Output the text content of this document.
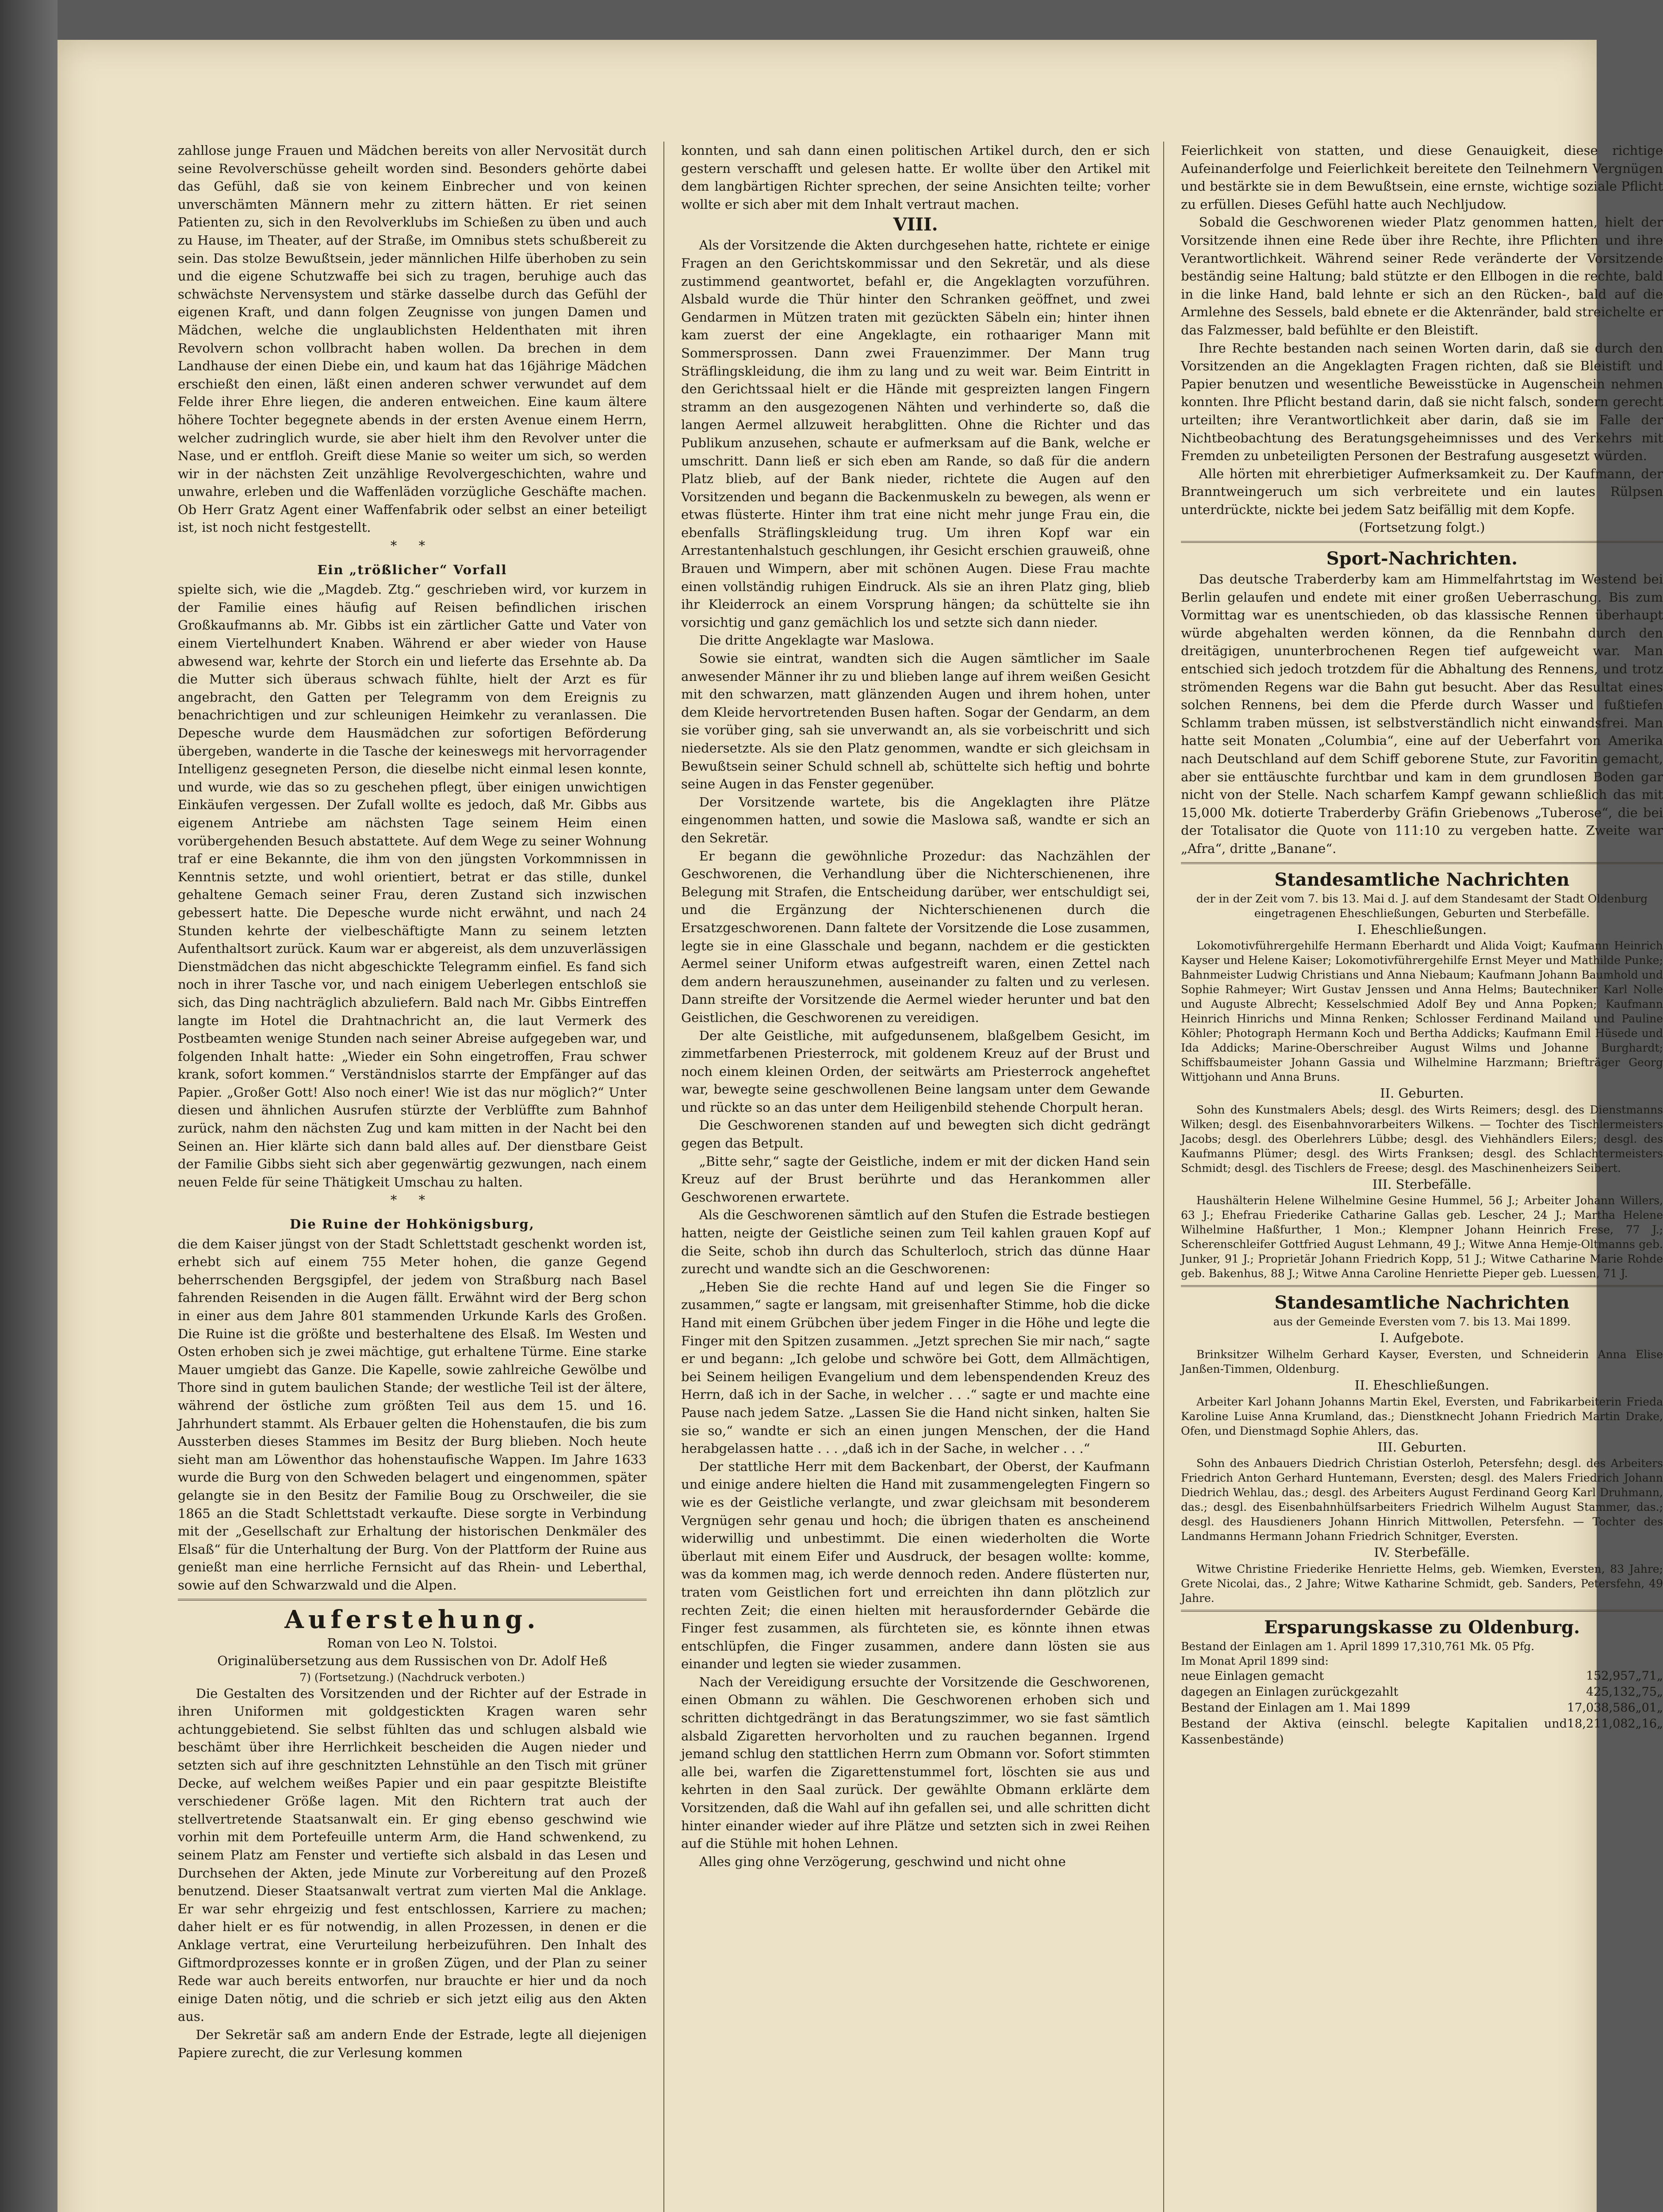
zahllose junge Frauen und Mädchen bereits von aller Nervosität durch seine Revolverschüsse geheilt worden sind. Besonders gehörte dabei das Gefühl, daß sie von keinem Einbrecher und von keinen unverschämten Männern mehr zu zittern hätten. Er riet seinen Patienten zu, sich in den Revolverklubs im Schießen zu üben und auch zu Hause, im Theater, auf der Straße, im Omnibus stets schußbereit zu sein. Das stolze Bewußtsein, jeder männlichen Hilfe überhoben zu sein und die eigene Schutzwaffe bei sich zu tragen, beruhige auch das schwächste Nervensystem und stärke dasselbe durch das Gefühl der eigenen Kraft, und dann folgen Zeugnisse von jungen Damen und Mädchen, welche die unglaublichsten Heldenthaten mit ihren Revolvern schon vollbracht haben wollen. Da brechen in dem Landhause der einen Diebe ein, und kaum hat das 16jährige Mädchen erschießt den einen, läßt einen anderen schwer verwundet auf dem Felde ihrer Ehre liegen, die anderen entweichen. Eine kaum ältere höhere Tochter begegnete abends in der ersten Avenue einem Herrn, welcher zudringlich wurde, sie aber hielt ihm den Revolver unter die Nase, und er entfloh. Greift diese Manie so weiter um sich, so werden wir in der nächsten Zeit unzählige Revolvergeschichten, wahre und unwahre, erleben und die Waffenläden vorzügliche Geschäfte machen. Ob Herr Gratz Agent einer Waffenfabrik oder selbst an einer beteiligt ist, ist noch nicht festgestellt.

* *

Ein „trößlicher“ Vorfall

spielte sich, wie die „Magdeb. Ztg.“ geschrieben wird, vor kurzem in der Familie eines häufig auf Reisen befindlichen irischen Großkaufmanns ab. Mr. Gibbs ist ein zärtlicher Gatte und Vater von einem Viertelhundert Knaben. Während er aber wieder von Hause abwesend war, kehrte der Storch ein und lieferte das Ersehnte ab. Da die Mutter sich überaus schwach fühlte, hielt der Arzt es für angebracht, den Gatten per Telegramm von dem Ereignis zu benachrichtigen und zur schleunigen Heimkehr zu veranlassen. Die Depesche wurde dem Hausmädchen zur sofortigen Beförderung übergeben, wanderte in die Tasche der keineswegs mit hervorragender Intelligenz gesegneten Person, die dieselbe nicht einmal lesen konnte, und wurde, wie das so zu geschehen pflegt, über einigen unwichtigen Einkäufen vergessen. Der Zufall wollte es jedoch, daß Mr. Gibbs aus eigenem Antriebe am nächsten Tage seinem Heim einen vorübergehenden Besuch abstattete. Auf dem Wege zu seiner Wohnung traf er eine Bekannte, die ihm von den jüngsten Vorkommnissen in Kenntnis setzte, und wohl orientiert, betrat er das stille, dunkel gehaltene Gemach seiner Frau, deren Zustand sich inzwischen gebessert hatte. Die Depesche wurde nicht erwähnt, und nach 24 Stunden kehrte der vielbeschäftigte Mann zu seinem letzten Aufenthaltsort zurück. Kaum war er abgereist, als dem unzuverlässigen Dienstmädchen das nicht abgeschickte Telegramm einfiel. Es fand sich noch in ihrer Tasche vor, und nach einigem Ueberlegen entschloß sie sich, das Ding nachträglich abzuliefern. Bald nach Mr. Gibbs Eintreffen langte im Hotel die Drahtnachricht an, die laut Vermerk des Postbeamten wenige Stunden nach seiner Abreise aufgegeben war, und folgenden Inhalt hatte: „Wieder ein Sohn eingetroffen, Frau schwer krank, sofort kommen.“ Verständnislos starrte der Empfänger auf das Papier. „Großer Gott! Also noch einer! Wie ist das nur möglich?“ Unter diesen und ähnlichen Ausrufen stürzte der Verblüffte zum Bahnhof zurück, nahm den nächsten Zug und kam mitten in der Nacht bei den Seinen an. Hier klärte sich dann bald alles auf. Der dienstbare Geist der Familie Gibbs sieht sich aber gegenwärtig gezwungen, nach einem neuen Felde für seine Thätigkeit Umschau zu halten.

* *

Die Ruine der Hohkönigsburg,

die dem Kaiser jüngst von der Stadt Schlettstadt geschenkt worden ist, erhebt sich auf einem 755 Meter hohen, die ganze Gegend beherrschenden Bergsgipfel, der jedem von Straßburg nach Basel fahrenden Reisenden in die Augen fällt. Erwähnt wird der Berg schon in einer aus dem Jahre 801 stammenden Urkunde Karls des Großen. Die Ruine ist die größte und besterhaltene des Elsaß. Im Westen und Osten erhoben sich je zwei mächtige, gut erhaltene Türme. Eine starke Mauer umgiebt das Ganze. Die Kapelle, sowie zahlreiche Gewölbe und Thore sind in gutem baulichen Stande; der westliche Teil ist der ältere, während der östliche zum größten Teil aus dem 15. und 16. Jahrhundert stammt. Als Erbauer gelten die Hohenstaufen, die bis zum Aussterben dieses Stammes im Besitz der Burg blieben. Noch heute sieht man am Löwenthor das hohenstaufische Wappen. Im Jahre 1633 wurde die Burg von den Schweden belagert und eingenommen, später gelangte sie in den Besitz der Familie Boug zu Orschweiler, die sie 1865 an die Stadt Schlettstadt verkaufte. Diese sorgte in Verbindung mit der „Gesellschaft zur Erhaltung der historischen Denkmäler des Elsaß“ für die Unterhaltung der Burg. Von der Plattform der Ruine aus genießt man eine herrliche Fernsicht auf das Rhein- und Leberthal, sowie auf den Schwarzwald und die Alpen.

Auferstehung.
Roman von Leo N. Tolstoi.
Originalübersetzung aus dem Russischen von Dr. Adolf Heß
7) (Fortsetzung.) (Nachdruck verboten.)

Die Gestalten des Vorsitzenden und der Richter auf der Estrade in ihren Uniformen mit goldgestickten Kragen waren sehr achtunggebietend. Sie selbst fühlten das und schlugen alsbald wie beschämt über ihre Herrlichkeit bescheiden die Augen nieder und setzten sich auf ihre geschnitzten Lehnstühle an den Tisch mit grüner Decke, auf welchem weißes Papier und ein paar gespitzte Bleistifte verschiedener Größe lagen. Mit den Richtern trat auch der stellvertretende Staatsanwalt ein. Er ging ebenso geschwind wie vorhin mit dem Portefeuille unterm Arm, die Hand schwenkend, zu seinem Platz am Fenster und vertiefte sich alsbald in das Lesen und Durchsehen der Akten, jede Minute zur Vorbereitung auf den Prozeß benutzend. Dieser Staatsanwalt vertrat zum vierten Mal die Anklage. Er war sehr ehrgeizig und fest entschlossen, Karriere zu machen; daher hielt er es für notwendig, in allen Prozessen, in denen er die Anklage vertrat, eine Verurteilung herbeizuführen. Den Inhalt des Giftmordprozesses konnte er in großen Zügen, und der Plan zu seiner Rede war auch bereits entworfen, nur brauchte er hier und da noch einige Daten nötig, und die schrieb er sich jetzt eilig aus den Akten aus.

Der Sekretär saß am andern Ende der Estrade, legte all diejenigen Papiere zurecht, die zur Verlesung kommen

konnten, und sah dann einen politischen Artikel durch, den er sich gestern verschafft und gelesen hatte. Er wollte über den Artikel mit dem langbärtigen Richter sprechen, der seine Ansichten teilte; vorher wollte er sich aber mit dem Inhalt vertraut machen.

VIII.

Als der Vorsitzende die Akten durchgesehen hatte, richtete er einige Fragen an den Gerichtskommissar und den Sekretär, und als diese zustimmend geantwortet, befahl er, die Angeklagten vorzuführen. Alsbald wurde die Thür hinter den Schranken geöffnet, und zwei Gendarmen in Mützen traten mit gezückten Säbeln ein; hinter ihnen kam zuerst der eine Angeklagte, ein rothaariger Mann mit Sommersprossen. Dann zwei Frauenzimmer. Der Mann trug Sträflingskleidung, die ihm zu lang und zu weit war. Beim Eintritt in den Gerichtssaal hielt er die Hände mit gespreizten langen Fingern stramm an den ausgezogenen Nähten und verhinderte so, daß die langen Aermel allzuweit herabglitten. Ohne die Richter und das Publikum anzusehen, schaute er aufmerksam auf die Bank, welche er umschritt. Dann ließ er sich eben am Rande, so daß für die andern Platz blieb, auf der Bank nieder, richtete die Augen auf den Vorsitzenden und begann die Backenmuskeln zu bewegen, als wenn er etwas flüsterte. Hinter ihm trat eine nicht mehr junge Frau ein, die ebenfalls Sträflingskleidung trug. Um ihren Kopf war ein Arrestantenhalstuch geschlungen, ihr Gesicht erschien grauweiß, ohne Brauen und Wimpern, aber mit schönen Augen. Diese Frau machte einen vollständig ruhigen Eindruck. Als sie an ihren Platz ging, blieb ihr Kleiderrock an einem Vorsprung hängen; da schüttelte sie ihn vorsichtig und ganz gemächlich los und setzte sich dann nieder.

Die dritte Angeklagte war Maslowa.

Sowie sie eintrat, wandten sich die Augen sämtlicher im Saale anwesender Männer ihr zu und blieben lange auf ihrem weißen Gesicht mit den schwarzen, matt glänzenden Augen und ihrem hohen, unter dem Kleide hervortretenden Busen haften. Sogar der Gendarm, an dem sie vorüber ging, sah sie unverwandt an, als sie vorbeischritt und sich niedersetzte. Als sie den Platz genommen, wandte er sich gleichsam in Bewußtsein seiner Schuld schnell ab, schüttelte sich heftig und bohrte seine Augen in das Fenster gegenüber.

Der Vorsitzende wartete, bis die Angeklagten ihre Plätze eingenommen hatten, und sowie die Maslowa saß, wandte er sich an den Sekretär.

Er begann die gewöhnliche Prozedur: das Nachzählen der Geschworenen, die Verhandlung über die Nichterschienenen, ihre Belegung mit Strafen, die Entscheidung darüber, wer entschuldigt sei, und die Ergänzung der Nichterschienenen durch die Ersatzgeschworenen. Dann faltete der Vorsitzende die Lose zusammen, legte sie in eine Glasschale und begann, nachdem er die gestickten Aermel seiner Uniform etwas aufgestreift waren, einen Zettel nach dem andern herauszunehmen, auseinander zu falten und zu verlesen. Dann streifte der Vorsitzende die Aermel wieder herunter und bat den Geistlichen, die Geschworenen zu vereidigen.

Der alte Geistliche, mit aufgedunsenem, blaßgelbem Gesicht, im zimmetfarbenen Priesterrock, mit goldenem Kreuz auf der Brust und noch einem kleinen Orden, der seitwärts am Priesterrock angeheftet war, bewegte seine geschwollenen Beine langsam unter dem Gewande und rückte so an das unter dem Heiligenbild stehende Chorpult heran.

Die Geschworenen standen auf und bewegten sich dicht gedrängt gegen das Betpult.

„Bitte sehr,“ sagte der Geistliche, indem er mit der dicken Hand sein Kreuz auf der Brust berührte und das Herankommen aller Geschworenen erwartete.

Als die Geschworenen sämtlich auf den Stufen die Estrade bestiegen hatten, neigte der Geistliche seinen zum Teil kahlen grauen Kopf auf die Seite, schob ihn durch das Schulterloch, strich das dünne Haar zurecht und wandte sich an die Geschworenen:

„Heben Sie die rechte Hand auf und legen Sie die Finger so zusammen,“ sagte er langsam, mit greisenhafter Stimme, hob die dicke Hand mit einem Grübchen über jedem Finger in die Höhe und legte die Finger mit den Spitzen zusammen. „Jetzt sprechen Sie mir nach,“ sagte er und begann: „Ich gelobe und schwöre bei Gott, dem Allmächtigen, bei Seinem heiligen Evangelium und dem lebenspendenden Kreuz des Herrn, daß ich in der Sache, in welcher . . .“ sagte er und machte eine Pause nach jedem Satze. „Lassen Sie die Hand nicht sinken, halten Sie sie so,“ wandte er sich an einen jungen Menschen, der die Hand herabgelassen hatte . . . „daß ich in der Sache, in welcher . . .“

Der stattliche Herr mit dem Backenbart, der Oberst, der Kaufmann und einige andere hielten die Hand mit zusammengelegten Fingern so wie es der Geistliche verlangte, und zwar gleichsam mit besonderem Vergnügen sehr genau und hoch; die übrigen thaten es anscheinend widerwillig und unbestimmt. Die einen wiederholten die Worte überlaut mit einem Eifer und Ausdruck, der besagen wollte: komme, was da kommen mag, ich werde dennoch reden. Andere flüsterten nur, traten vom Geistlichen fort und erreichten ihn dann plötzlich zur rechten Zeit; die einen hielten mit herausfordernder Gebärde die Finger fest zusammen, als fürchteten sie, es könnte ihnen etwas entschlüpfen, die Finger zusammen, andere dann lösten sie aus einander und legten sie wieder zusammen.

Nach der Vereidigung ersuchte der Vorsitzende die Geschworenen, einen Obmann zu wählen. Die Geschworenen erhoben sich und schritten dichtgedrängt in das Beratungszimmer, wo sie fast sämtlich alsbald Zigaretten hervorholten und zu rauchen begannen. Irgend jemand schlug den stattlichen Herrn zum Obmann vor. Sofort stimmten alle bei, warfen die Zigarettenstummel fort, löschten sie aus und kehrten in den Saal zurück. Der gewählte Obmann erklärte dem Vorsitzenden, daß die Wahl auf ihn gefallen sei, und alle schritten dicht hinter einander wieder auf ihre Plätze und setzten sich in zwei Reihen auf die Stühle mit hohen Lehnen.

Alles ging ohne Verzögerung, geschwind und nicht ohne

Feierlichkeit von statten, und diese Genauigkeit, diese richtige Aufeinanderfolge und Feierlichkeit bereitete den Teilnehmern Vergnügen und bestärkte sie in dem Bewußtsein, eine ernste, wichtige soziale Pflicht zu erfüllen. Dieses Gefühl hatte auch Nechljudow.

Sobald die Geschworenen wieder Platz genommen hatten, hielt der Vorsitzende ihnen eine Rede über ihre Rechte, ihre Pflichten und ihre Verantwortlichkeit. Während seiner Rede veränderte der Vorsitzende beständig seine Haltung; bald stützte er den Ellbogen in die rechte, bald in die linke Hand, bald lehnte er sich an den Rücken-, bald auf die Armlehne des Sessels, bald ebnete er die Aktenränder, bald streichelte er das Falzmesser, bald befühlte er den Bleistift.

Ihre Rechte bestanden nach seinen Worten darin, daß sie durch den Vorsitzenden an die Angeklagten Fragen richten, daß sie Bleistift und Papier benutzen und wesentliche Beweisstücke in Augenschein nehmen konnten. Ihre Pflicht bestand darin, daß sie nicht falsch, sondern gerecht urteilten; ihre Verantwortlichkeit aber darin, daß sie im Falle der Nichtbeobachtung des Beratungsgeheimnisses und des Verkehrs mit Fremden zu unbeteiligten Personen der Bestrafung ausgesetzt würden.

Alle hörten mit ehrerbietiger Aufmerksamkeit zu. Der Kaufmann, der Branntweingeruch um sich verbreitete und ein lautes Rülpsen unterdrückte, nickte bei jedem Satz beifällig mit dem Kopfe.

(Fortsetzung folgt.)
Sport-Nachrichten.

Das deutsche Traberderby kam am Himmelfahrtstag im Westend bei Berlin gelaufen und endete mit einer großen Ueberraschung. Bis zum Vormittag war es unentschieden, ob das klassische Rennen überhaupt würde abgehalten werden können, da die Rennbahn durch den dreitägigen, ununterbrochenen Regen tief aufgeweicht war. Man entschied sich jedoch trotzdem für die Abhaltung des Rennens, und trotz strömenden Regens war die Bahn gut besucht. Aber das Resultat eines solchen Rennens, bei dem die Pferde durch Wasser und fußtiefen Schlamm traben müssen, ist selbstverständlich nicht einwandsfrei. Man hatte seit Monaten „Columbia“, eine auf der Ueberfahrt von Amerika nach Deutschland auf dem Schiff geborene Stute, zur Favoritin gemacht, aber sie enttäuschte furchtbar und kam in dem grundlosen Boden gar nicht von der Stelle. Nach scharfem Kampf gewann schließlich das mit 15,000 Mk. dotierte Traberderby Gräfin Griebenows „Tuberose“, die bei der Totalisator die Quote von 111:10 zu vergeben hatte. Zweite war „Afra“, dritte „Banane“.

Standesamtliche Nachrichten
der in der Zeit vom 7. bis 13. Mai d. J. auf dem Standesamt der Stadt Oldenburg eingetragenen Eheschließungen, Geburten und Sterbefälle.
I. Eheschließungen.

Lokomotivführergehilfe Hermann Eberhardt und Alida Voigt; Kaufmann Heinrich Kayser und Helene Kaiser; Lokomotivführergehilfe Ernst Meyer und Mathilde Punke; Bahnmeister Ludwig Christians und Anna Niebaum; Kaufmann Johann Baumhold und Sophie Rahmeyer; Wirt Gustav Jenssen und Anna Helms; Bautechniker Karl Nolle und Auguste Albrecht; Kesselschmied Adolf Bey und Anna Popken; Kaufmann Heinrich Hinrichs und Minna Renken; Schlosser Ferdinand Mailand und Pauline Köhler; Photograph Hermann Koch und Bertha Addicks; Kaufmann Emil Hüsede und Ida Addicks; Marine-Oberschreiber August Wilms und Johanne Burghardt; Schiffsbaumeister Johann Gassia und Wilhelmine Harzmann; Briefträger Georg Wittjohann und Anna Bruns.

II. Geburten.

Sohn des Kunstmalers Abels; desgl. des Wirts Reimers; desgl. des Dienstmanns Wilken; desgl. des Eisenbahnvorarbeiters Wilkens. — Tochter des Tischlermeisters Jacobs; desgl. des Oberlehrers Lübbe; desgl. des Viehhändlers Eilers; desgl. des Kaufmanns Plümer; desgl. des Wirts Franksen; desgl. des Schlachtermeisters Schmidt; desgl. des Tischlers de Freese; desgl. des Maschinenheizers Seibert.

III. Sterbefälle.

Haushälterin Helene Wilhelmine Gesine Hummel, 56 J.; Arbeiter Johann Willers, 63 J.; Ehefrau Friederike Catharine Gallas geb. Lescher, 24 J.; Martha Helene Wilhelmine Haßfurther, 1 Mon.; Klempner Johann Heinrich Frese, 77 J.; Scherenschleifer Gottfried August Lehmann, 49 J.; Witwe Anna Hemje-Oltmanns geb. Junker, 91 J.; Proprietär Johann Friedrich Kopp, 51 J.; Witwe Catharine Marie Rohde geb. Bakenhus, 88 J.; Witwe Anna Caroline Henriette Pieper geb. Luessen, 71 J.

Standesamtliche Nachrichten
aus der Gemeinde Eversten vom 7. bis 13. Mai 1899.
I. Aufgebote.

Brinksitzer Wilhelm Gerhard Kayser, Eversten, und Schneiderin Anna Elise Janßen-Timmen, Oldenburg.

II. Eheschließungen.

Arbeiter Karl Johann Johanns Martin Ekel, Eversten, und Fabrikarbeiterin Frieda Karoline Luise Anna Krumland, das.; Dienstknecht Johann Friedrich Martin Drake, Ofen, und Dienstmagd Sophie Ahlers, das.

III. Geburten.

Sohn des Anbauers Diedrich Christian Osterloh, Petersfehn; desgl. des Arbeiters Friedrich Anton Gerhard Huntemann, Eversten; desgl. des Malers Friedrich Johann Diedrich Wehlau, das.; desgl. des Arbeiters August Ferdinand Georg Karl Druhmann, das.; desgl. des Eisenbahnhülfsarbeiters Friedrich Wilhelm August Stammer, das.; desgl. des Hausdieners Johann Hinrich Mittwollen, Petersfehn. — Tochter des Landmanns Hermann Johann Friedrich Schnitger, Eversten.

IV. Sterbefälle.

Witwe Christine Friederike Henriette Helms, geb. Wiemken, Eversten, 83 Jahre; Grete Nicolai, das., 2 Jahre; Witwe Katharine Schmidt, geb. Sanders, Petersfehn, 49 Jahre.

Ersparungskasse zu Oldenburg.

Bestand der Einlagen am 1. April 1899 17,310,761 Mk. 05 Pfg.

Im Monat April 1899 sind:

neue Einlagen gemacht	152,957	„	71	„
dagegen an Einlagen zurückgezahlt	425,132	„	75	„
Bestand der Einlagen am 1. Mai 1899	17,038,586	„	01	„
Bestand der Aktiva (einschl. belegte Kapitalien und Kassenbestände)	18,211,082	„	16	„
